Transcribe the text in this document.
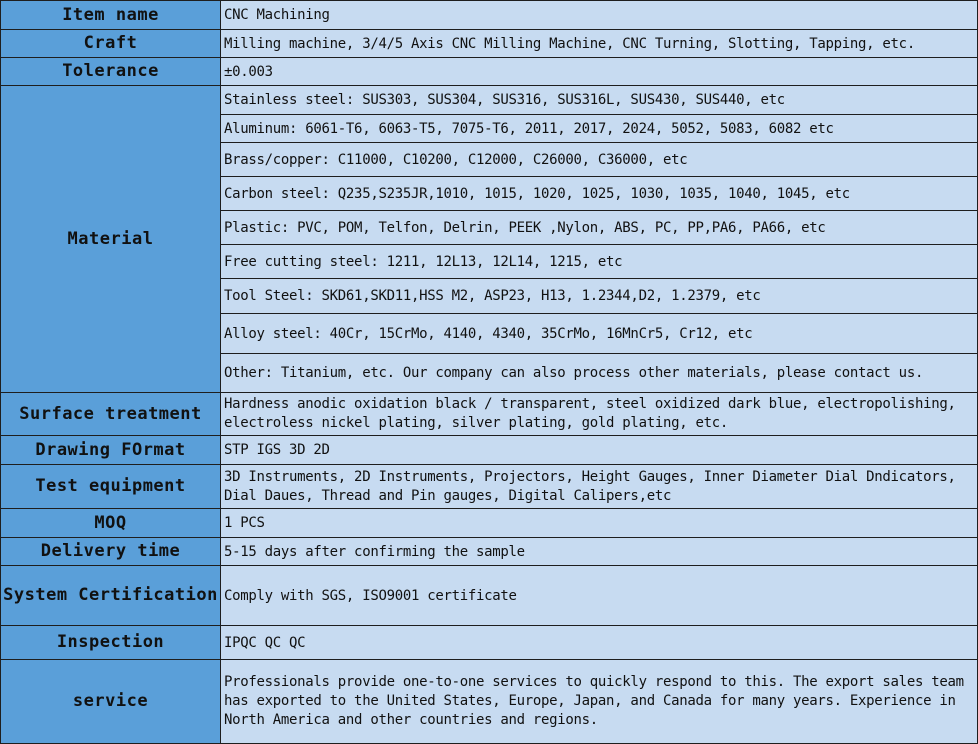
Item name	CNC Machining
Craft	Milling machine, 3/4/5 Axis CNC Milling Machine, CNC Turning, Slotting, Tapping, etc.
Tolerance	±0.003
Material	Stainless steel: SUS303, SUS304, SUS316, SUS316L, SUS430, SUS440, etc
	Aluminum: 6061-T6, 6063-T5, 7075-T6, 2011, 2017, 2024, 5052, 5083, 6082 etc
	Brass/copper: C11000, C10200, C12000, C26000, C36000, etc
	Carbon steel: Q235,S235JR,1010, 1015, 1020, 1025, 1030, 1035, 1040, 1045, etc
	Plastic: PVC, POM, Telfon, Delrin, PEEK ,Nylon, ABS, PC, PP,PA6, PA66, etc
	Free cutting steel: 1211, 12L13, 12L14, 1215, etc
	Tool Steel: SKD61,SKD11,HSS M2, ASP23, H13, 1.2344,D2, 1.2379, etc
	Alloy steel: 40Cr, 15CrMo, 4140, 4340, 35CrMo, 16MnCr5, Cr12, etc
	Other: Titanium, etc. Our company can also process other materials, please contact us.
Surface treatment	Hardness anodic oxidation black / transparent, steel oxidized dark blue, electropolishing, electroless nickel plating, silver plating, gold plating, etc.
Drawing FOrmat	STP IGS 3D 2D
Test equipment	3D Instruments, 2D Instruments, Projectors, Height Gauges, Inner Diameter Dial Dndicators, Dial Daues, Thread and Pin gauges, Digital Calipers,etc
MOQ	1 PCS
Delivery time	5-15 days after confirming the sample
System Certification	Comply with SGS, ISO9001 certificate
Inspection	IPQC QC QC
service	Professionals provide one-to-one services to quickly respond to this. The export sales team has exported to the United States, Europe, Japan, and Canada for many years. Experience in North America and other countries and regions.
